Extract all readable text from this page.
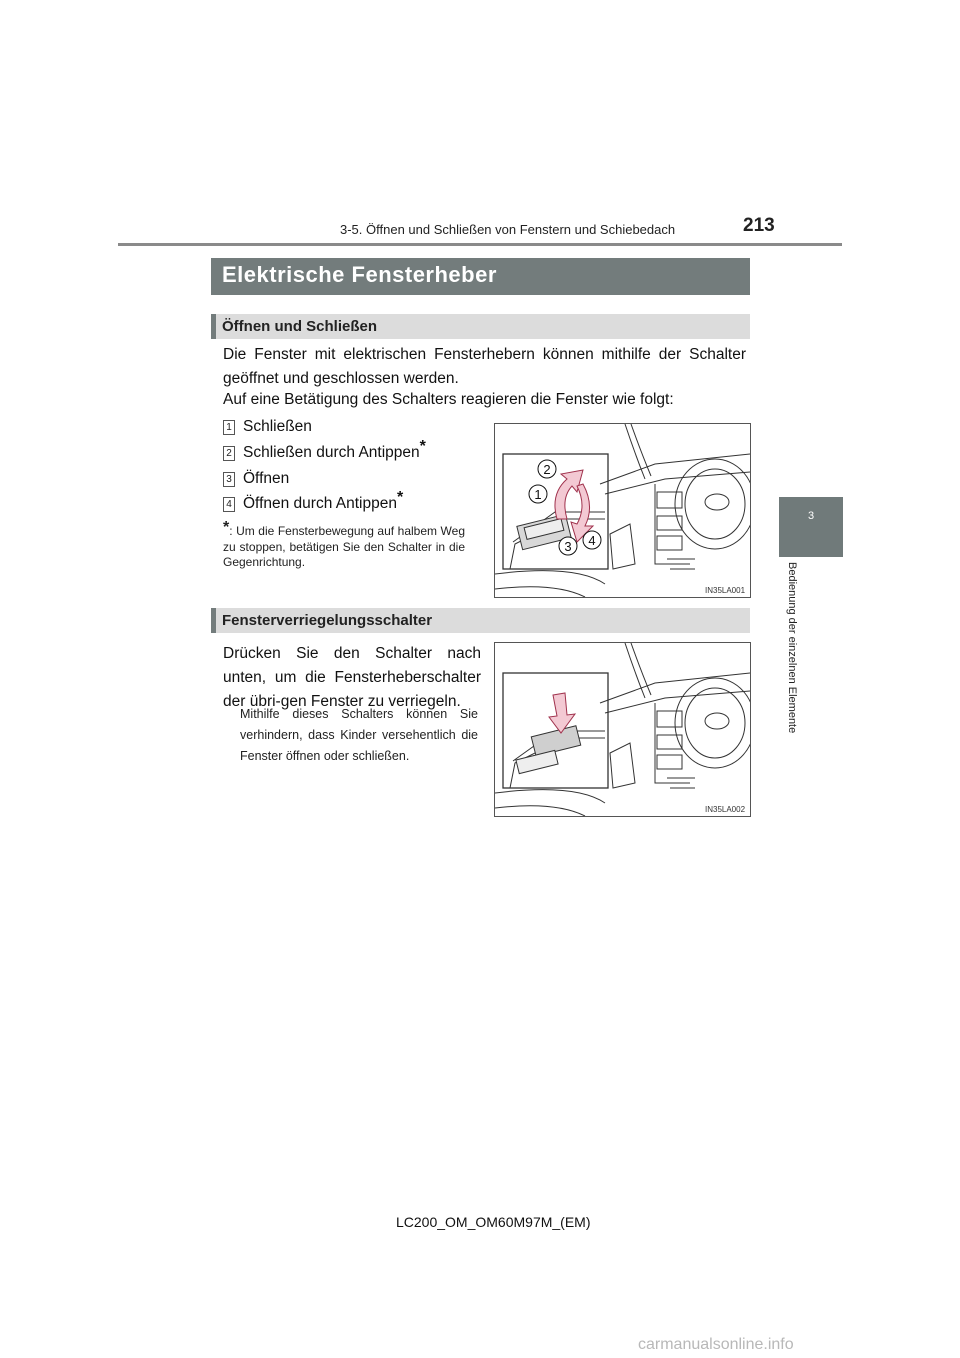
3-5. Öffnen und Schließen von Fenstern und Schiebedach	213
3
Bedienung der einzelnen Elemente
Elektrische Fensterheber
Öffnen und Schließen
Die Fenster mit elektrischen Fensterhebern können mithilfe der Schalter geöffnet und geschlossen werden.
Auf eine Betätigung des Schalters reagieren die Fenster wie folgt:
1 Schließen
2 Schließen durch Antippen*
3 Öffnen
4 Öffnen durch Antippen*
*: Um die Fensterbewegung auf halbem Weg zu stoppen, betätigen Sie den Schalter in die Gegenrichtung.
2
1
3 4
IN35LA001
Fensterverriegelungsschalter
Drücken Sie den Schalter nach unten, um die Fensterheberschalter der übri-gen Fenster zu verriegeln.
Mithilfe dieses Schalters können Sie verhindern, dass Kinder versehentlich die Fenster öffnen oder schließen.
IN35LA002
LC200_OM_OM60M97M_(EM)
carmanualsonline.info
